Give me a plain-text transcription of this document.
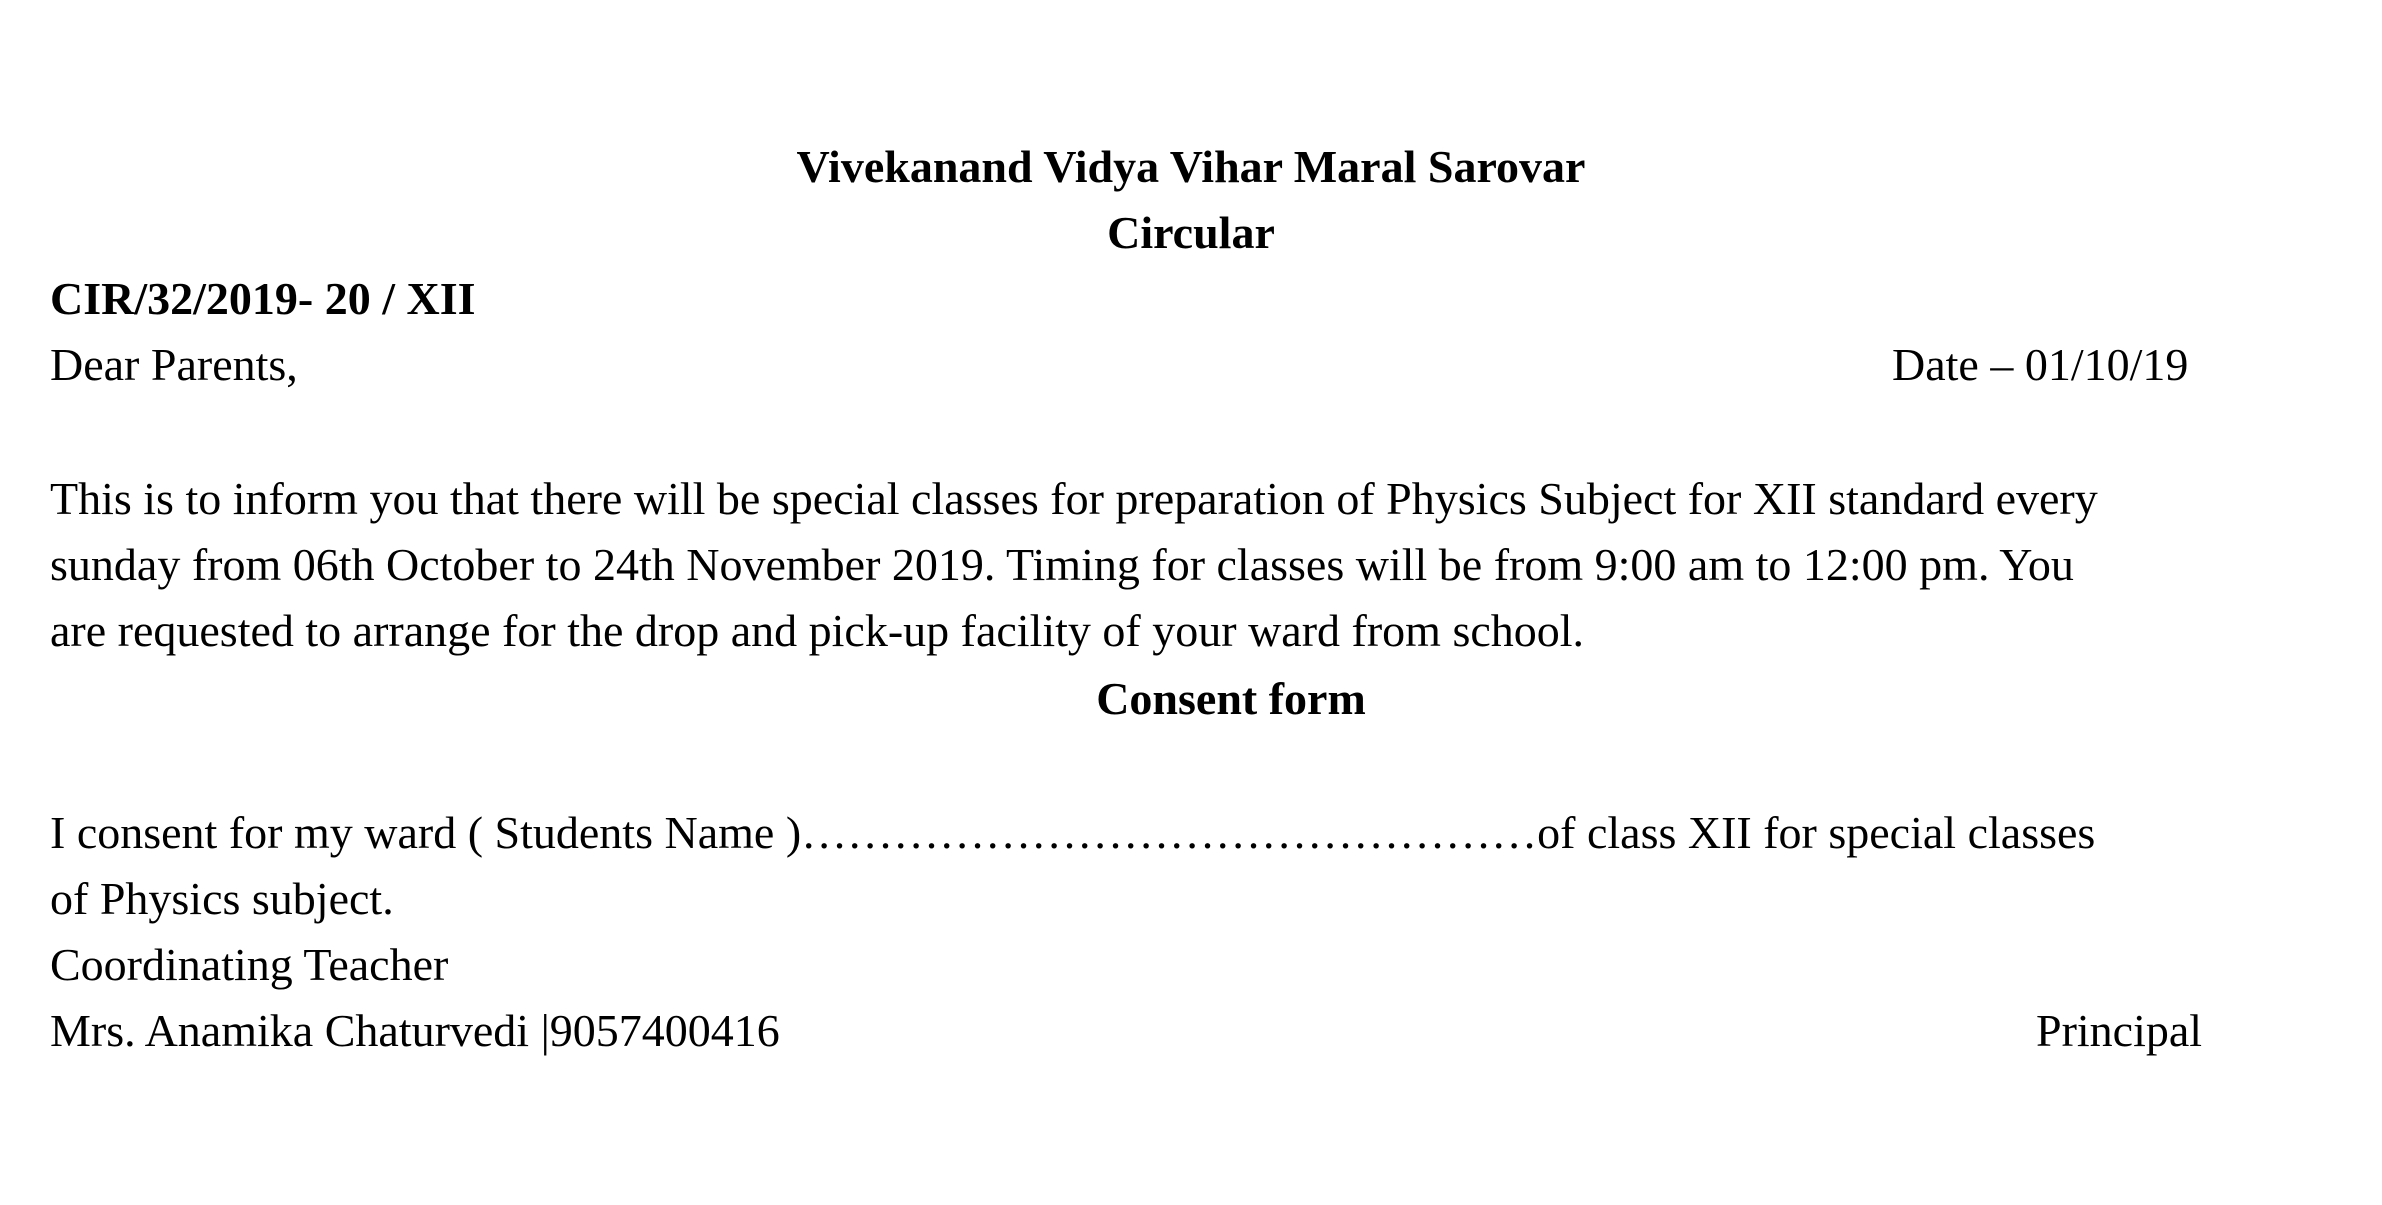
Vivekanand Vidya Vihar Maral Sarovar
Circular
CIR/32/2019- 20 / XII
Dear Parents,	Date – 01/10/19
This is to inform you that there will be special classes for preparation of Physics Subject for XII standard every
sunday from 06th October to 24th November 2019. Timing for classes will be from 9:00 am to 12:00 pm. You
are requested to arrange for the drop and pick-up facility of your ward from school.
Consent form
I consent for my ward ( Students Name )…………………………………………of class XII for special classes
of Physics subject.
Coordinating Teacher
Mrs. Anamika Chaturvedi |9057400416	Principal
